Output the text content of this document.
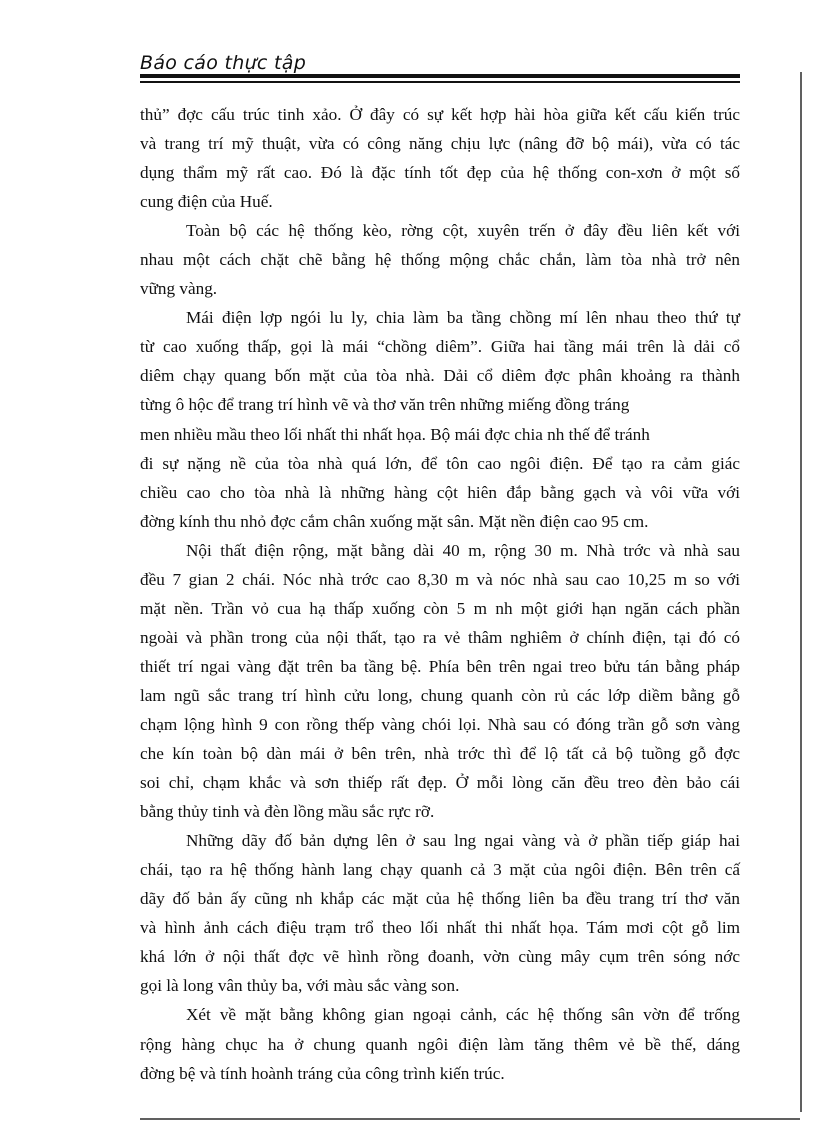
Báo cáo thực tập
thủ” đợc cấu trúc tinh xảo. Ở đây có sự kết hợp hài hòa giữa kết cấu kiến trúc
và trang trí mỹ thuật, vừa có công năng chịu lực (nâng đỡ bộ mái), vừa có tác
dụng thẩm mỹ rất cao. Đó là đặc tính tốt đẹp của hệ thống con-xơn ở một số
cung điện của Huế.
Toàn bộ các hệ thống kèo, rờng cột, xuyên trến ở đây đều liên kết với
nhau một cách chặt chẽ bằng hệ thống mộng chắc chắn, làm tòa nhà trở nên
vững vàng.
Mái điện lợp ngói lu ly, chia làm ba tầng chồng mí lên nhau theo thứ tự
từ cao xuống thấp, gọi là mái “chồng diêm”. Giữa hai tầng mái trên là dải cổ
diêm chạy quang bốn mặt của tòa nhà. Dải cổ diêm đợc phân khoảng ra thành
từng ô hộc để trang trí hình vẽ và thơ văn trên những miếng đồng tráng
men nhiều mầu theo lối nhất thi nhất họa. Bộ mái đợc chia nh thế để tránh
đi sự nặng nề của tòa nhà quá lớn, để tôn cao ngôi điện. Để tạo ra cảm giác
chiều cao cho tòa nhà là những hàng cột hiên đắp bằng gạch và vôi vữa với
đờng kính thu nhỏ đợc cắm chân xuống mặt sân. Mặt nền điện cao 95 cm.
Nội thất điện rộng, mặt bằng dài 40 m, rộng 30 m. Nhà trớc và nhà sau
đều 7 gian 2 chái. Nóc nhà trớc cao 8,30 m và nóc nhà sau cao 10,25 m so với
mặt nền. Trần vỏ cua hạ thấp xuống còn 5 m nh một giới hạn ngăn cách phần
ngoài và phần trong của nội thất, tạo ra vẻ thâm nghiêm ở chính điện, tại đó có
thiết trí ngai vàng đặt trên ba tầng bệ. Phía bên trên ngai treo bửu tán bằng pháp
lam ngũ sắc trang trí hình cửu long, chung quanh còn rủ các lớp diềm bằng gỗ
chạm lộng hình 9 con rồng thếp vàng chói lọi. Nhà sau có đóng trần gỗ sơn vàng
che kín toàn bộ dàn mái ở bên trên, nhà trớc thì để lộ tất cả bộ tuồng gỗ đợc
soi chỉ, chạm khắc và sơn thiếp rất đẹp. Ở mỗi lòng căn đều treo đèn bảo cái
bằng thủy tinh và đèn lồng mầu sắc rực rỡ.
Những dãy đố bản dựng lên ở sau lng ngai vàng và ở phần tiếp giáp hai
chái, tạo ra hệ thống hành lang chạy quanh cả 3 mặt của ngôi điện. Bên trên cấ
dãy đố bản ấy cũng nh khắp các mặt của hệ thống liên ba đều trang trí thơ văn
và hình ảnh cách điệu trạm trổ theo lối nhất thi nhất họa. Tám mơi cột gỗ lim
khá lớn ở nội thất đợc vẽ hình rồng đoanh, vờn cùng mây cụm trên sóng nớc
gọi là long vân thủy ba, với màu sắc vàng son.
Xét về mặt bằng không gian ngoại cảnh, các hệ thống sân vờn để trống
rộng hàng chục ha ở chung quanh ngôi điện làm tăng thêm vẻ bề thế, dáng
đờng bệ và tính hoành tráng của công trình kiến trúc.
